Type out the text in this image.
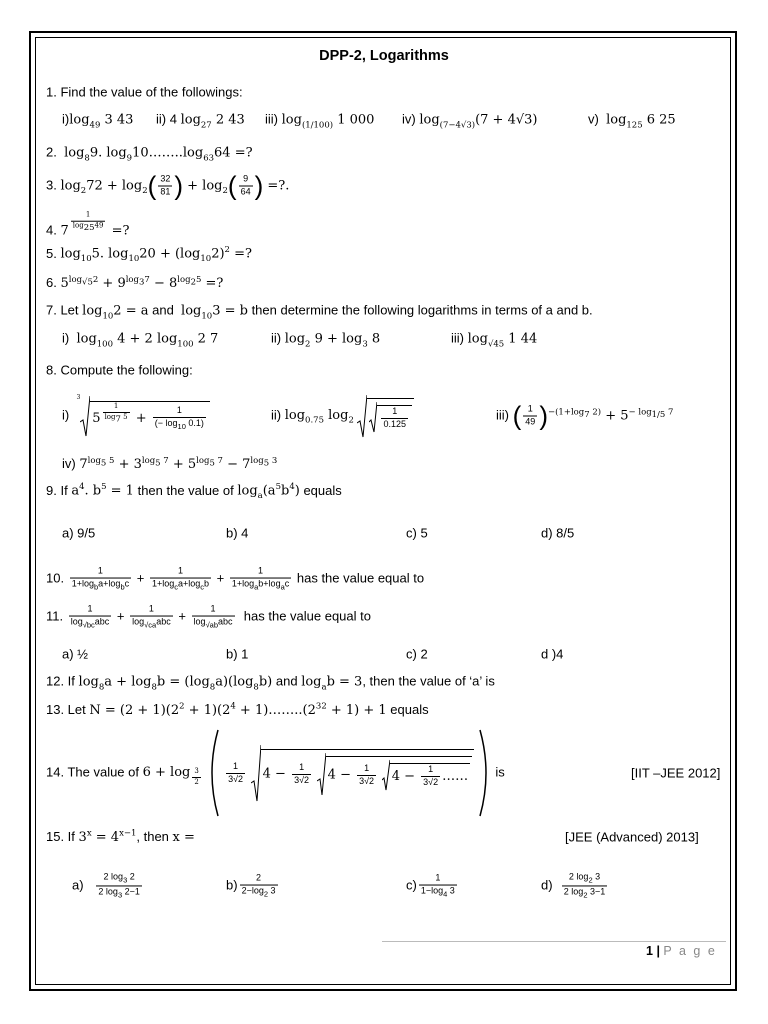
DPP-2, Logarithms
1. Find the value of the followings:
$i)\log_{49}$ 3 43 ii) 4 $\log_{27} 2$ 43 iii) $\log_{(1/100)} 1$ 000 iv) $\log_{(7-4√3)}(7 + 4√3)$	v) $\log_{125} 6$ 25
2. $\log_89$. $\log_910\dots\dots..\log_{63}64$ =?
3. $\log_272 + \log_2( \frac{32}{81}$ ) + $\log_2( \frac{9}{64}$ ) =?.
4. 7 $^{\frac{1}{\log_{25}49}}$ =?
5. $\log_{10}5$. $\log_{10}20 + (\log_{10}2)^2$ =?
6. $5^{log_{√5}2} + 9^{log_37} - 8^{log_25}$ =?
7. Let $\log_{10}2 = a$ and $\log_{10}3 = b$ then determine the following logarithms in terms of a and b.
i) $\log_{100} 4 + 2$ $\log_{100} 2$ 7	ii) $\log_2 9 + \log_3 8$	iii) $\log_{√45} 1$ 44
8. Compute the following:
i)  $^3$5 $^{\frac{1}{\log_7 5}} + \frac{1}{(- \log_{10} 0.1)}$	ii) $\log_{0.75} \log_2$	$\frac{1}{0.125}$	iii) ( $\frac{1}{49} )^{-(1+log_7 2)} + 5^{- log_{1/5} 7}$
iv) $7^{log_5 5} + 3^{log_5 7} + 5^{log_5 7} - 7^{log_5 3}$
9. If $a^4$. $b^5 = 1$ then the value of $\log_a(a^5b^4)$ equals
a) 9/5	b) 4	c) 5	d) 8/5
10. $\frac{1}{1+\log_ba+\log_bc} + \frac{1}{1+\log_ca+\log_cb} + \frac{1}{1+\log_ab+\log_ac}$ has the value equal to
11. $\frac{1}{\log_{√bc}abc} + \frac{1}{\log_{√ca}abc} + \frac{1}{\log_{√ab}abc}$ has the value equal to
a) ½	b) 1	c) 2	d )4
12. If $\log_8a + \log_8b = (\log_8a)(\log_8b)$ and $\log_ab = 3$, then the value of ‘a’ is
13. Let $N = (2 + 1)(2^2 + 1)(2^4$ + $1)\dots\dots..(2^{32} + 1) + 1$ equals
14. The value of 6 + log $_{\frac{3}{2}}$
	$\frac{1}{3√2} 4 - \frac{1}{3√2} 4 - \frac{1}{3√2} 4 - \frac{1}{3√2}$ …… is	[IIT –JEE 2012]
15. If $3^x = 4^{x-1}$, then x =	[JEE (Advanced) 2013]
$a) \frac{2 \log_3 2}{2 \log_3 2-1}$	$b) \frac{2}{2-\log_2 3}$	$c) \frac{1}{1-\log_4 3}$	$d) \frac{2 \log_2 3}{2 \log_2 3-1}$
1 | P a g e
